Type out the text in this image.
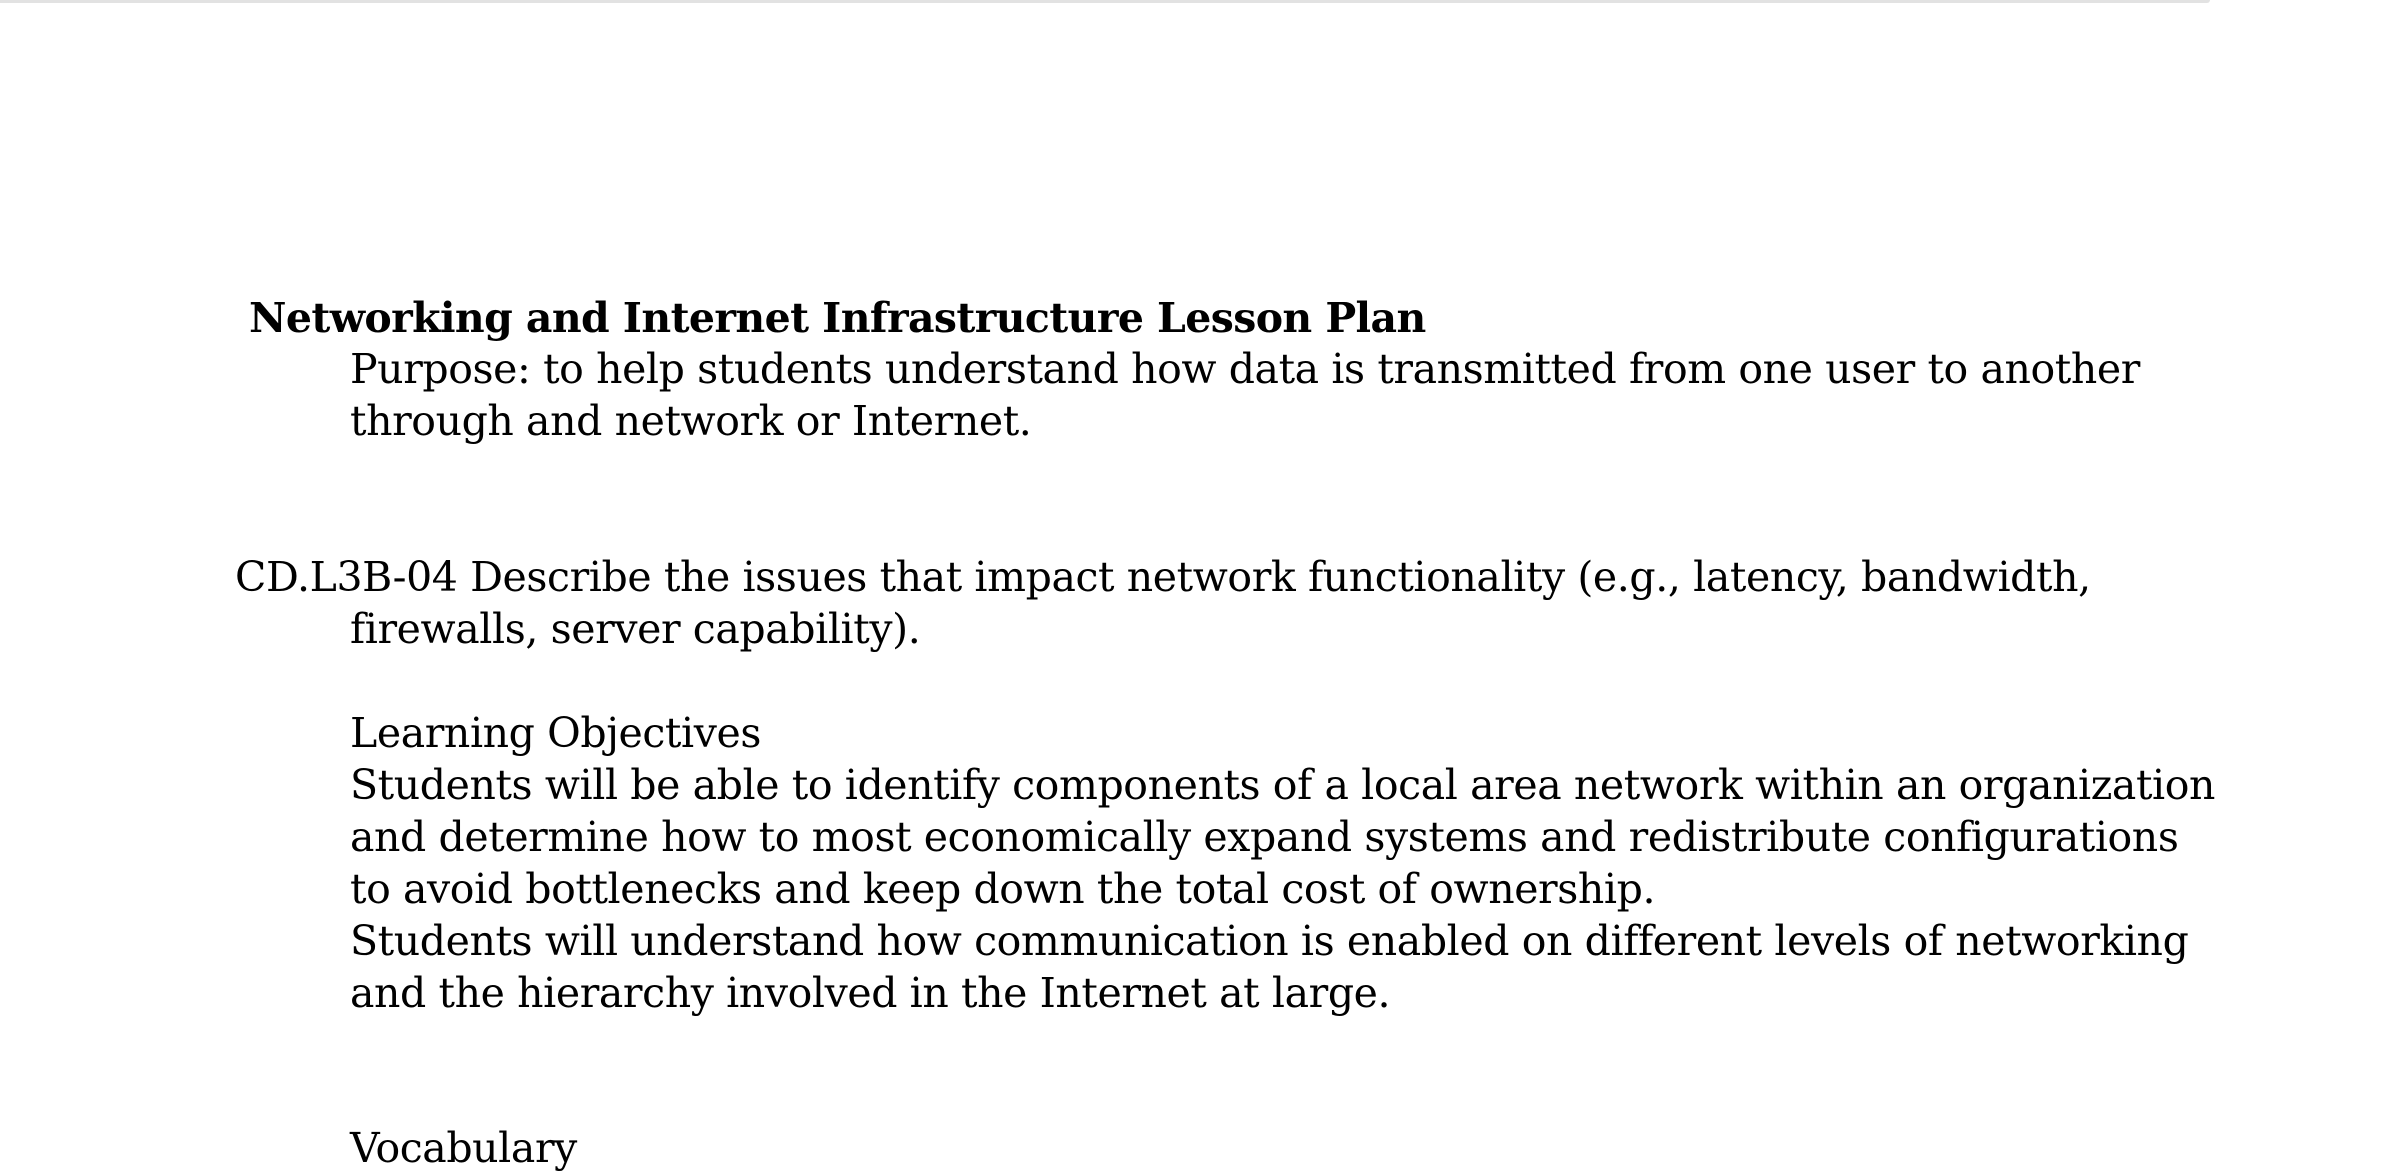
Networking and Internet Infrastructure Lesson Plan
Purpose: to help students understand how data is transmitted from one user to another
through and network or Internet.
CD.L3B-04 Describe the issues that impact network functionality (e.g., latency, bandwidth,
firewalls, server capability).
Learning Objectives
Students will be able to identify components of a local area network within an organization
and determine how to most economically expand systems and redistribute configurations
to avoid bottlenecks and keep down the total cost of ownership.
Students will understand how communication is enabled on different levels of networking
and the hierarchy involved in the Internet at large.
Vocabulary
